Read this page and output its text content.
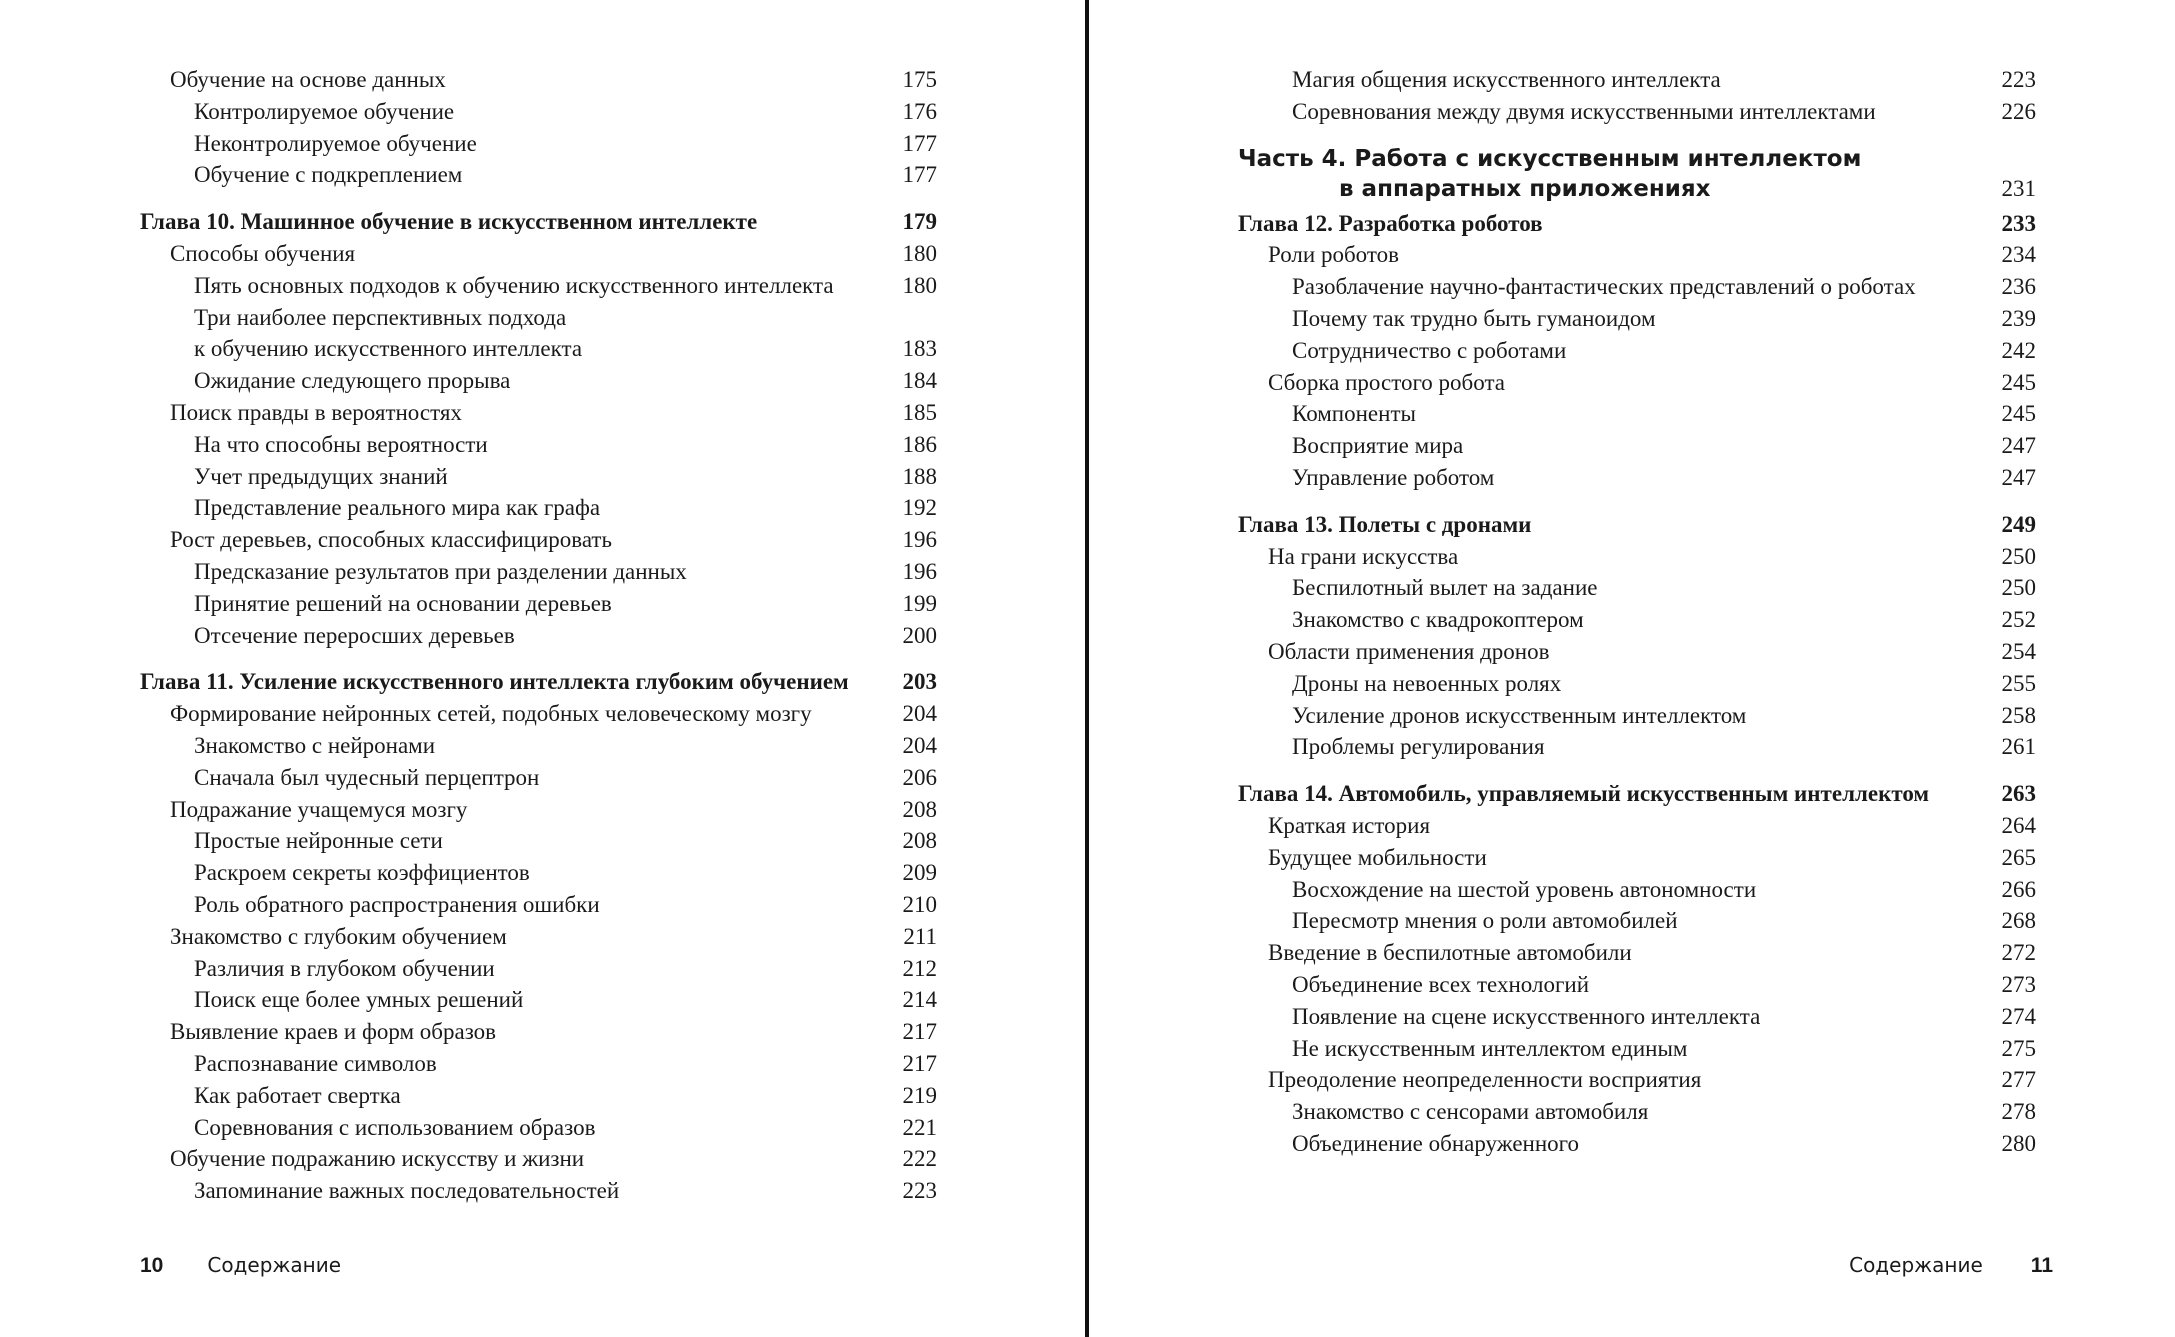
Обучение на основе данных	175
Контролируемое обучение	176
Неконтролируемое обучение	177
Обучение с подкреплением	177
Глава 10. Машинное обучение в искусственном интеллекте	179
Способы обучения	180
Пять основных подходов к обучению искусственного интеллекта	180
Три наиболее перспективных подхода
к обучению искусственного интеллекта	183
Ожидание следующего прорыва	184
Поиск правды в вероятностях	185
На что способны вероятности	186
Учет предыдущих знаний	188
Представление реального мира как графа	192
Рост деревьев, способных классифицировать	196
Предсказание результатов при разделении данных	196
Принятие решений на основании деревьев	199
Отсечение переросших деревьев	200
Глава 11. Усиление искусственного интеллекта глубоким обучением	203
Формирование нейронных сетей, подобных человеческому мозгу	204
Знакомство с нейронами	204
Сначала был чудесный перцептрон	206
Подражание учащемуся мозгу	208
Простые нейронные сети	208
Раскроем секреты коэффициентов	209
Роль обратного распространения ошибки	210
Знакомство с глубоким обучением	211
Различия в глубоком обучении	212
Поиск еще более умных решений	214
Выявление краев и форм образов	217
Распознавание символов	217
Как работает свертка	219
Соревнования с использованием образов	221
Обучение подражанию искусству и жизни	222
Запоминание важных последовательностей	223
10 Содержание
Магия общения искусственного интеллекта	223
Соревнования между двумя искусственными интеллектами	226
Часть 4. Работа с искусственным интеллектом
в аппаратных приложениях	231
Глава 12. Разработка роботов	233
Роли роботов	234
Разоблачение научно-фантастических представлений о роботах	236
Почему так трудно быть гуманоидом	239
Сотрудничество с роботами	242
Сборка простого робота	245
Компоненты	245
Восприятие мира	247
Управление роботом	247
Глава 13. Полеты с дронами	249
На грани искусства	250
Беспилотный вылет на задание	250
Знакомство с квадрокоптером	252
Области применения дронов	254
Дроны на невоенных ролях	255
Усиление дронов искусственным интеллектом	258
Проблемы регулирования	261
Глава 14. Автомобиль, управляемый искусственным интеллектом	263
Краткая история	264
Будущее мобильности	265
Восхождение на шестой уровень автономности	266
Пересмотр мнения о роли автомобилей	268
Введение в беспилотные автомобили	272
Объединение всех технологий	273
Появление на сцене искусственного интеллекта	274
Не искусственным интеллектом единым	275
Преодоление неопределенности восприятия	277
Знакомство с сенсорами автомобиля	278
Объединение обнаруженного	280
Содержание 11
